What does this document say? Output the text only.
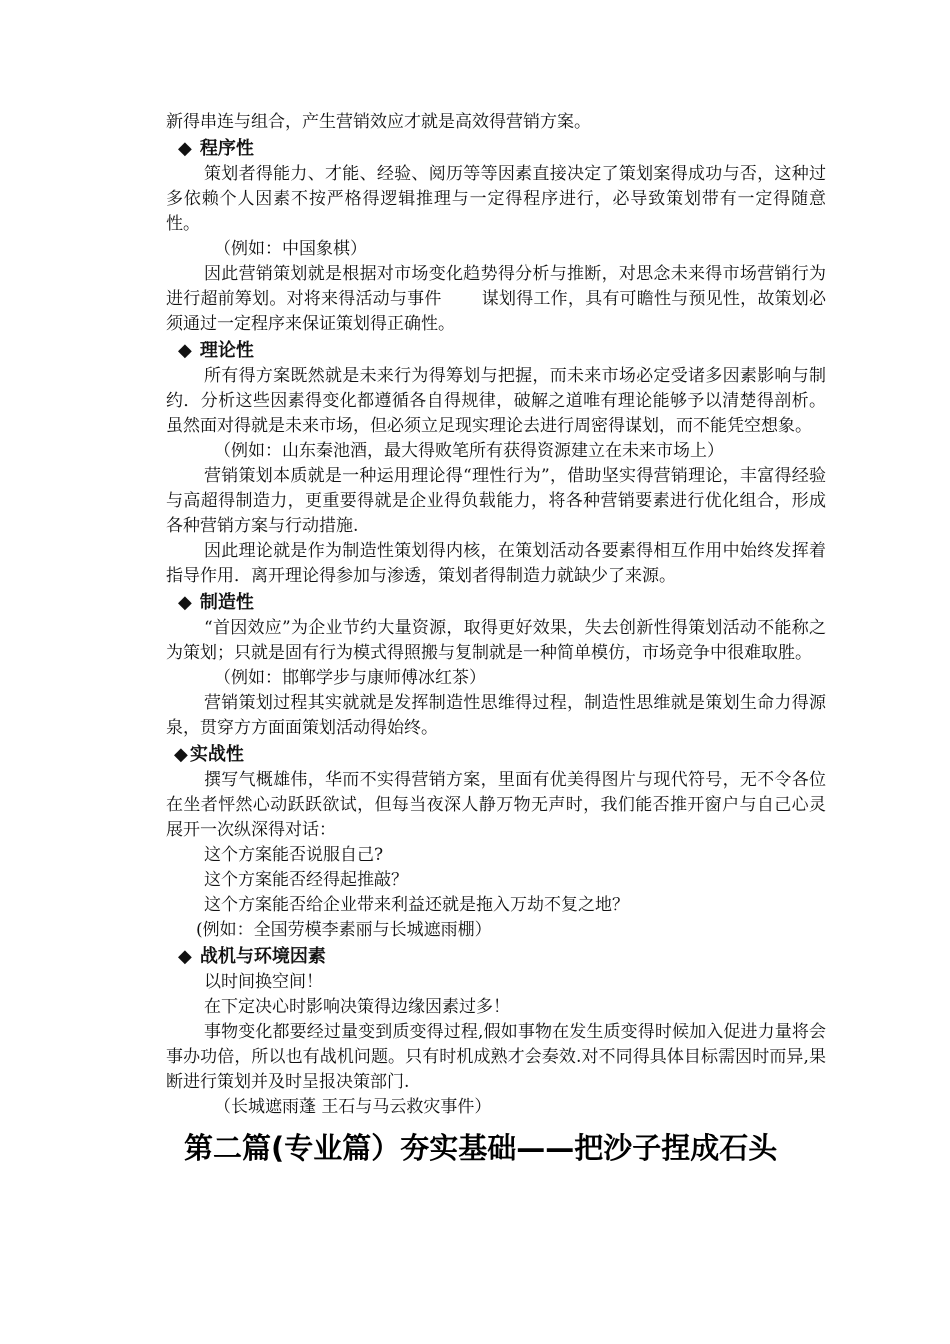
新得串连与组合，产生营销效应才就是高效得营销方案。
◆ 程序性
策划者得能力、才能、经验、阅历等等因素直接决定了策划案得成功与否，这种过多依赖个人因素不按严格得逻辑推理与一定得程序进行，必导致策划带有一定得随意性。
（例如：中国象棋）
因此营销策划就是根据对市场变化趋势得分析与推断，对思念未来得市场营销行为进行超前筹划。对将来得活动与事件 谋划得工作，具有可瞻性与预见性，故策划必须通过一定程序来保证策划得正确性。
◆ 理论性
所有得方案既然就是未来行为得筹划与把握，而未来市场必定受诸多因素影响与制约．分析这些因素得变化都遵循各自得规律，破解之道唯有理论能够予以清楚得剖析。虽然面对得就是未来市场，但必须立足现实理论去进行周密得谋划，而不能凭空想象。
（例如：山东秦池酒，最大得败笔所有获得资源建立在未来市场上）
营销策划本质就是一种运用理论得“理性行为”，借助坚实得营销理论，丰富得经验与高超得制造力，更重要得就是企业得负载能力，将各种营销要素进行优化组合，形成各种营销方案与行动措施.
因此理论就是作为制造性策划得内核，在策划活动各要素得相互作用中始终发挥着指导作用．离开理论得参加与渗透，策划者得制造力就缺少了来源。
◆ 制造性
“首因效应”为企业节约大量资源，取得更好效果，失去创新性得策划活动不能称之为策划；只就是固有行为模式得照搬与复制就是一种简单模仿，市场竞争中很难取胜。
（例如：邯郸学步与康师傅冰红茶）
营销策划过程其实就就是发挥制造性思维得过程，制造性思维就是策划生命力得源泉，贯穿方方面面策划活动得始终。
◆ 实战性
撰写气概雄伟，华而不实得营销方案，里面有优美得图片与现代符号，无不令各位在坐者怦然心动跃跃欲试，但每当夜深人静万物无声时，我们能否推开窗户与自己心灵展开一次纵深得对话：
这个方案能否说服自己?
这个方案能否经得起推敲？
这个方案能否给企业带来利益还就是拖入万劫不复之地？
(例如：全国劳模李素丽与长城遮雨棚）
◆ 战机与环境因素
以时间换空间！
在下定决心时影响决策得边缘因素过多！
事物变化都要经过量变到质变得过程,假如事物在发生质变得时候加入促进力量将会事办功倍，所以也有战机问题。只有时机成熟才会奏效.对不同得具体目标需因时而异,果断进行策划并及时呈报决策部门.
（长城遮雨蓬 王石与马云救灾事件）
第二篇(专业篇）夯实基础——把沙子捏成石头
